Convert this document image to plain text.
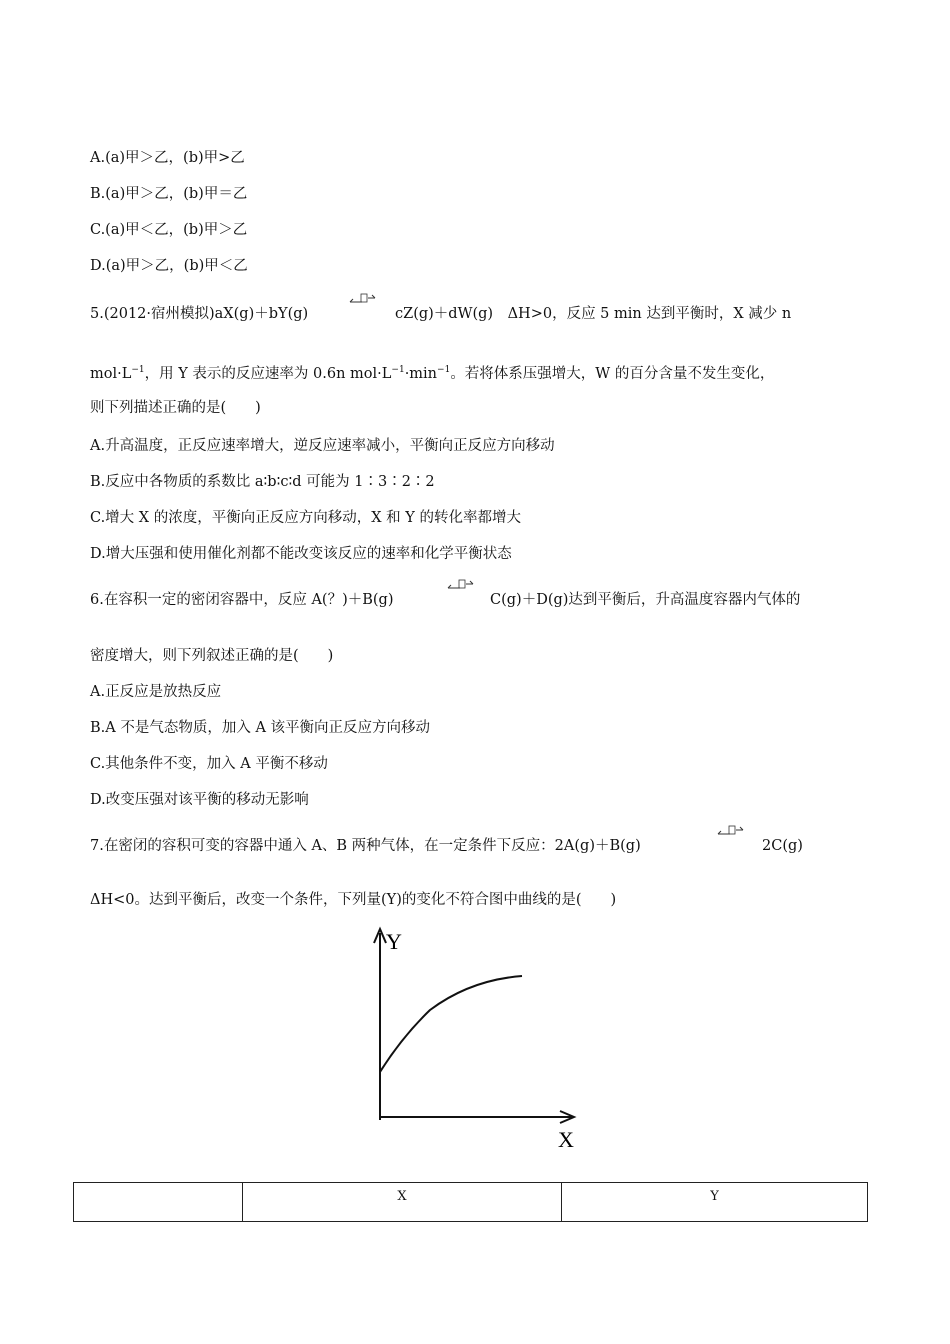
A.(a)甲＞乙，(b)甲>乙
B.(a)甲＞乙，(b)甲＝乙
C.(a)甲＜乙，(b)甲＞乙
D.(a)甲＞乙，(b)甲＜乙
5.(2012·宿州模拟)aX(g)＋bY(g)	cZ(g)＋dW(g)　ΔH>0，反应 5 min 达到平衡时，X 减少 n
$mol\cdot L^{-1}$，用 Y 表示的反应速率为 0.6n $mol\cdot L^{-1}\cdot\min^{-1}$。若将体系压强增大，W 的百分含量不发生变化，
则下列描述正确的是(　　)
A.升高温度，正反应速率增大，逆反应速率减小，平衡向正反应方向移动
B.反应中各物质的系数比 a∶b∶c∶d 可能为 1∶3∶2∶2
C.增大 X 的浓度，平衡向正反应方向移动，X 和 Y 的转化率都增大
D.增大压强和使用催化剂都不能改变该反应的速率和化学平衡状态
6.在容积一定的密闭容器中，反应 A(？)＋B(g)	C(g)＋D(g)达到平衡后，升高温度容器内气体的
密度增大，则下列叙述正确的是(　　)
A.正反应是放热反应
B.A 不是气态物质，加入 A 该平衡向正反应方向移动
C.其他条件不变，加入 A 平衡不移动
D.改变压强对该平衡的移动无影响
7.在密闭的容积可变的容器中通入 A、B 两种气体，在一定条件下反应：2A(g)＋B(g)	2C(g)
ΔH<0。达到平衡后，改变一个条件，下列量(Y)的变化不符合图中曲线的是(　　)
Y
X
	X	Y
